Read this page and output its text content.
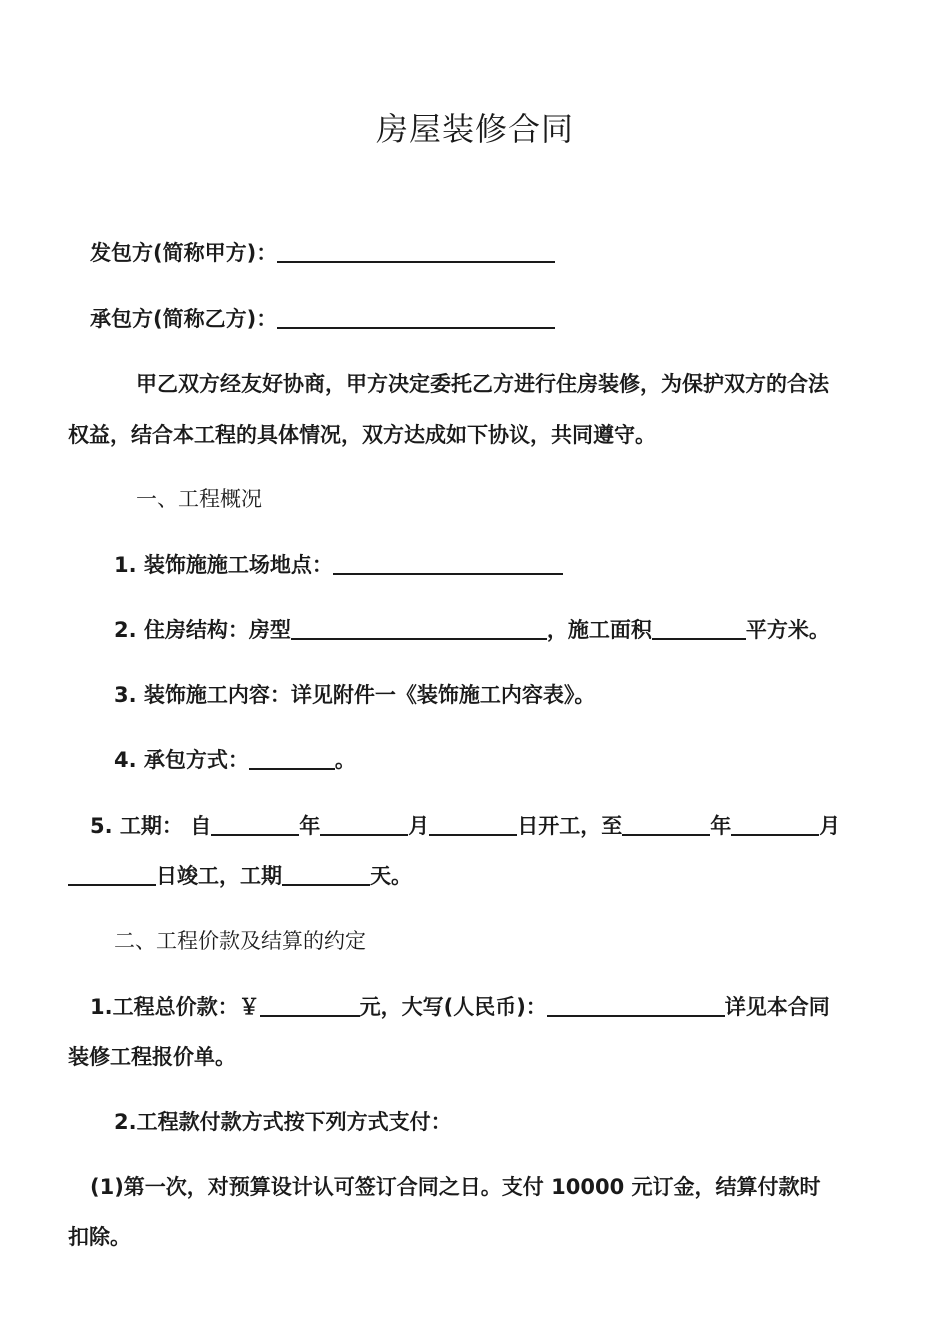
房屋装修合同
发包方(简称甲方)：
承包方(简称乙方)：
甲乙双方经友好协商，甲方决定委托乙方进行住房装修，为保护双方的合法
权益，结合本工程的具体情况，双方达成如下协议，共同遵守。
一、工程概况
1. 装饰施施工场地点：
2. 住房结构：房型	，施工面积	平方米。
3. 装饰施工内容：详见附件一《装饰施工内容表》。
4. 承包方式：	。
5. 工期： 自	年	月	日开工，至	年	月
日竣工，工期	天。
二、工程价款及结算的约定
1.工程总价款：￥	元，大写(人民币)：	详见本合同
装修工程报价单。
2.工程款付款方式按下列方式支付：
(1)第一次，对预算设计认可签订合同之日。支付 10000 元订金，结算付款时
扣除。
